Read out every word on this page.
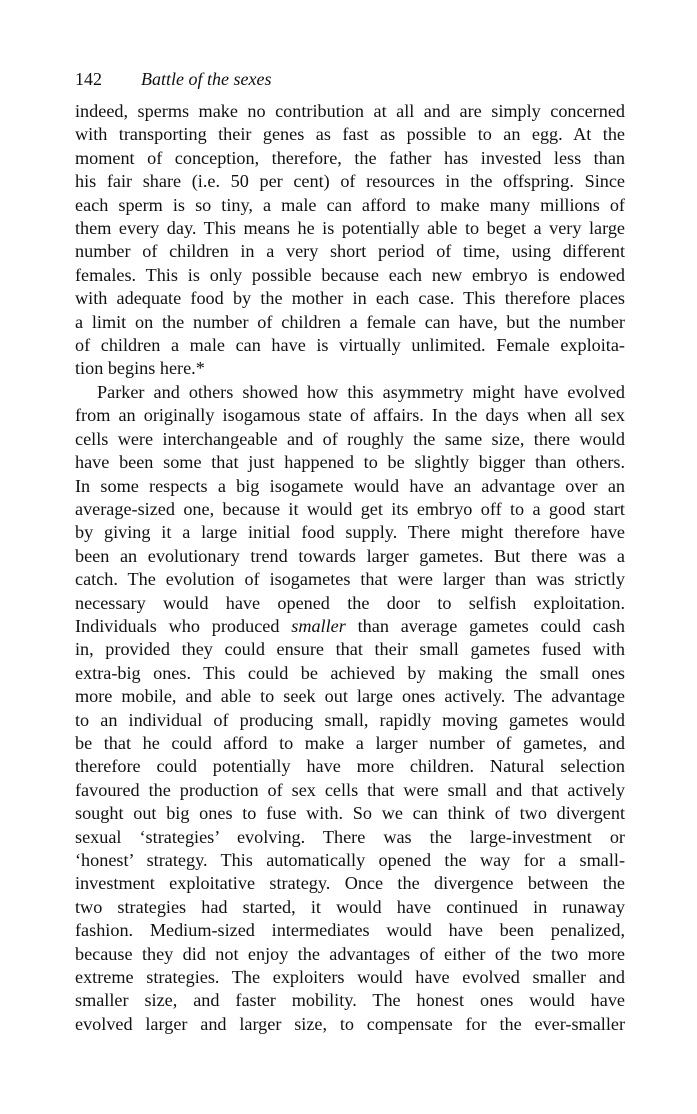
142 Battle of the sexes
indeed, sperms make no contribution at all and are simply concerned
with transporting their genes as fast as possible to an egg. At the
moment of conception, therefore, the father has invested less than
his fair share (i.e. 50 per cent) of resources in the offspring. Since
each sperm is so tiny, a male can afford to make many millions of
them every day. This means he is potentially able to beget a very large
number of children in a very short period of time, using different
females. This is only possible because each new embryo is endowed
with adequate food by the mother in each case. This therefore places
a limit on the number of children a female can have, but the number
of children a male can have is virtually unlimited. Female exploita-
tion begins here.*
Parker and others showed how this asymmetry might have evolved
from an originally isogamous state of affairs. In the days when all sex
cells were interchangeable and of roughly the same size, there would
have been some that just happened to be slightly bigger than others.
In some respects a big isogamete would have an advantage over an
average-sized one, because it would get its embryo off to a good start
by giving it a large initial food supply. There might therefore have
been an evolutionary trend towards larger gametes. But there was a
catch. The evolution of isogametes that were larger than was strictly
necessary would have opened the door to selfish exploitation.
Individuals who produced smaller than average gametes could cash
in, provided they could ensure that their small gametes fused with
extra-big ones. This could be achieved by making the small ones
more mobile, and able to seek out large ones actively. The advantage
to an individual of producing small, rapidly moving gametes would
be that he could afford to make a larger number of gametes, and
therefore could potentially have more children. Natural selection
favoured the production of sex cells that were small and that actively
sought out big ones to fuse with. So we can think of two divergent
sexual ‘strategies’ evolving. There was the large-investment or
‘honest’ strategy. This automatically opened the way for a small-
investment exploitative strategy. Once the divergence between the
two strategies had started, it would have continued in runaway
fashion. Medium-sized intermediates would have been penalized,
because they did not enjoy the advantages of either of the two more
extreme strategies. The exploiters would have evolved smaller and
smaller size, and faster mobility. The honest ones would have
evolved larger and larger size, to compensate for the ever-smaller
